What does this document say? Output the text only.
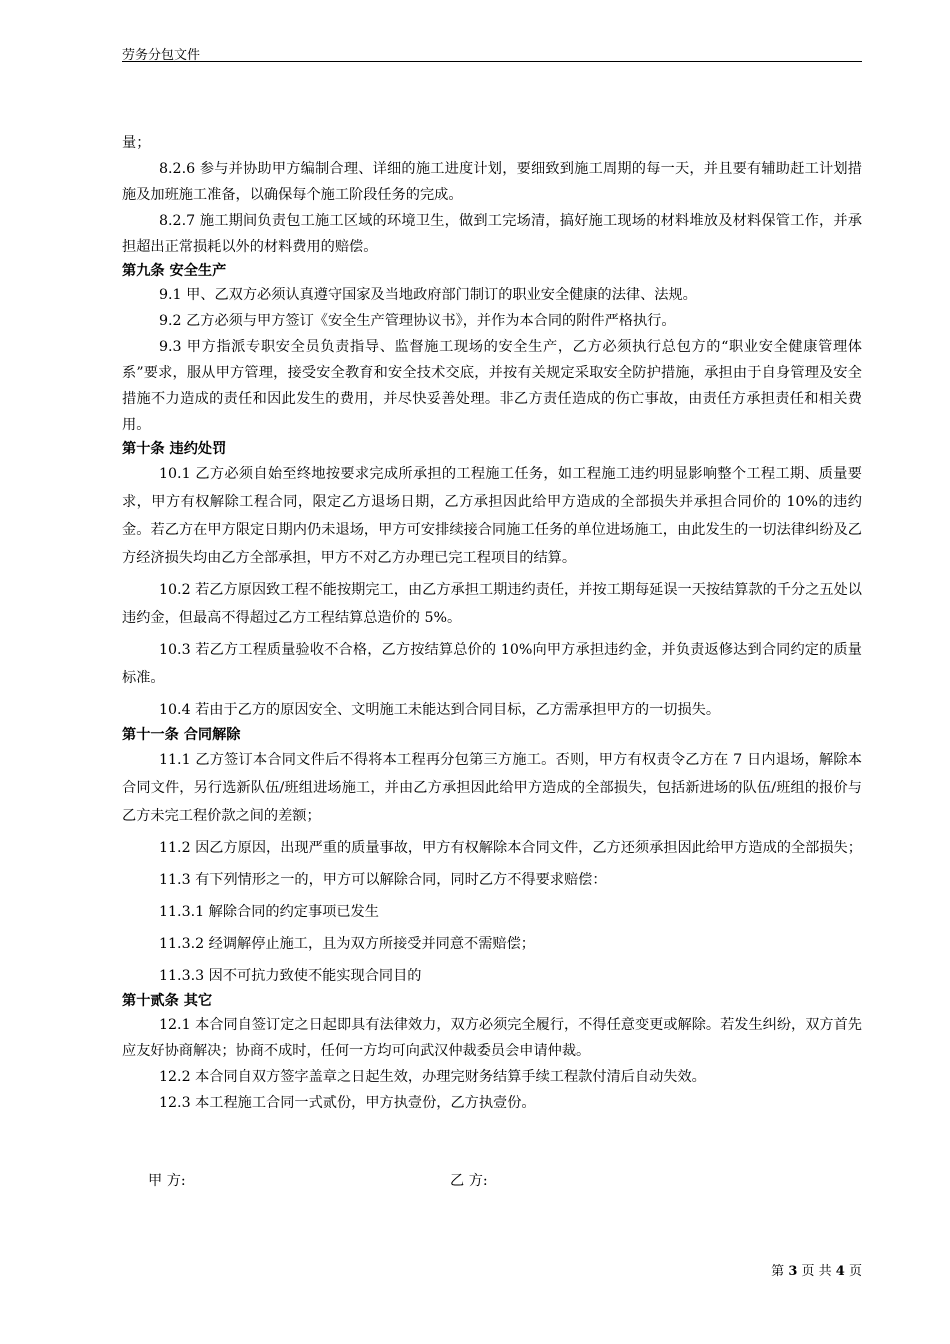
劳务分包文件

量；

8.2.6 参与并协助甲方编制合理、详细的施工进度计划，要细致到施工周期的每一天，并且要有辅助赶工计划措施及加班施工准备，以确保每个施工阶段任务的完成。

8.2.7 施工期间负责包工施工区域的环境卫生，做到工完场清，搞好施工现场的材料堆放及材料保管工作，并承担超出正常损耗以外的材料费用的赔偿。

第九条 安全生产

9.1 甲、乙双方必须认真遵守国家及当地政府部门制订的职业安全健康的法律、法规。

9.2 乙方必须与甲方签订《安全生产管理协议书》，并作为本合同的附件严格执行。

9.3 甲方指派专职安全员负责指导、监督施工现场的安全生产，乙方必须执行总包方的“职业安全健康管理体系”要求，服从甲方管理，接受安全教育和安全技术交底，并按有关规定采取安全防护措施，承担由于自身管理及安全措施不力造成的责任和因此发生的费用，并尽快妥善处理。非乙方责任造成的伤亡事故，由责任方承担责任和相关费用。

第十条 违约处罚

10.1 乙方必须自始至终地按要求完成所承担的工程施工任务，如工程施工违约明显影响整个工程工期、质量要求，甲方有权解除工程合同，限定乙方退场日期，乙方承担因此给甲方造成的全部损失并承担合同价的 10%的违约金。若乙方在甲方限定日期内仍未退场，甲方可安排续接合同施工任务的单位进场施工，由此发生的一切法律纠纷及乙方经济损失均由乙方全部承担，甲方不对乙方办理已完工程项目的结算。

10.2 若乙方原因致工程不能按期完工，由乙方承担工期违约责任，并按工期每延误一天按结算款的千分之五处以违约金，但最高不得超过乙方工程结算总造价的 5%。

10.3 若乙方工程质量验收不合格，乙方按结算总价的 10%向甲方承担违约金，并负责返修达到合同约定的质量标准。

10.4 若由于乙方的原因安全、文明施工未能达到合同目标，乙方需承担甲方的一切损失。

第十一条 合同解除

11.1 乙方签订本合同文件后不得将本工程再分包第三方施工。否则，甲方有权责令乙方在 7 日内退场，解除本合同文件，另行选新队伍/班组进场施工，并由乙方承担因此给甲方造成的全部损失，包括新进场的队伍/班组的报价与乙方未完工程价款之间的差额；

11.2 因乙方原因，出现严重的质量事故，甲方有权解除本合同文件，乙方还须承担因此给甲方造成的全部损失；

11.3 有下列情形之一的，甲方可以解除合同，同时乙方不得要求赔偿：

11.3.1 解除合同的约定事项已发生

11.3.2 经调解停止施工，且为双方所接受并同意不需赔偿；

11.3.3 因不可抗力致使不能实现合同目的

第十贰条 其它

12.1 本合同自签订定之日起即具有法律效力，双方必须完全履行，不得任意变更或解除。若发生纠纷，双方首先应友好协商解决；协商不成时，任何一方均可向武汉仲裁委员会申请仲裁。

12.2 本合同自双方签字盖章之日起生效，办理完财务结算手续工程款付清后自动失效。

12.3 本工程施工合同一式贰份，甲方执壹份，乙方执壹份。

甲 方:	乙 方:
第 3 页 共 4 页
